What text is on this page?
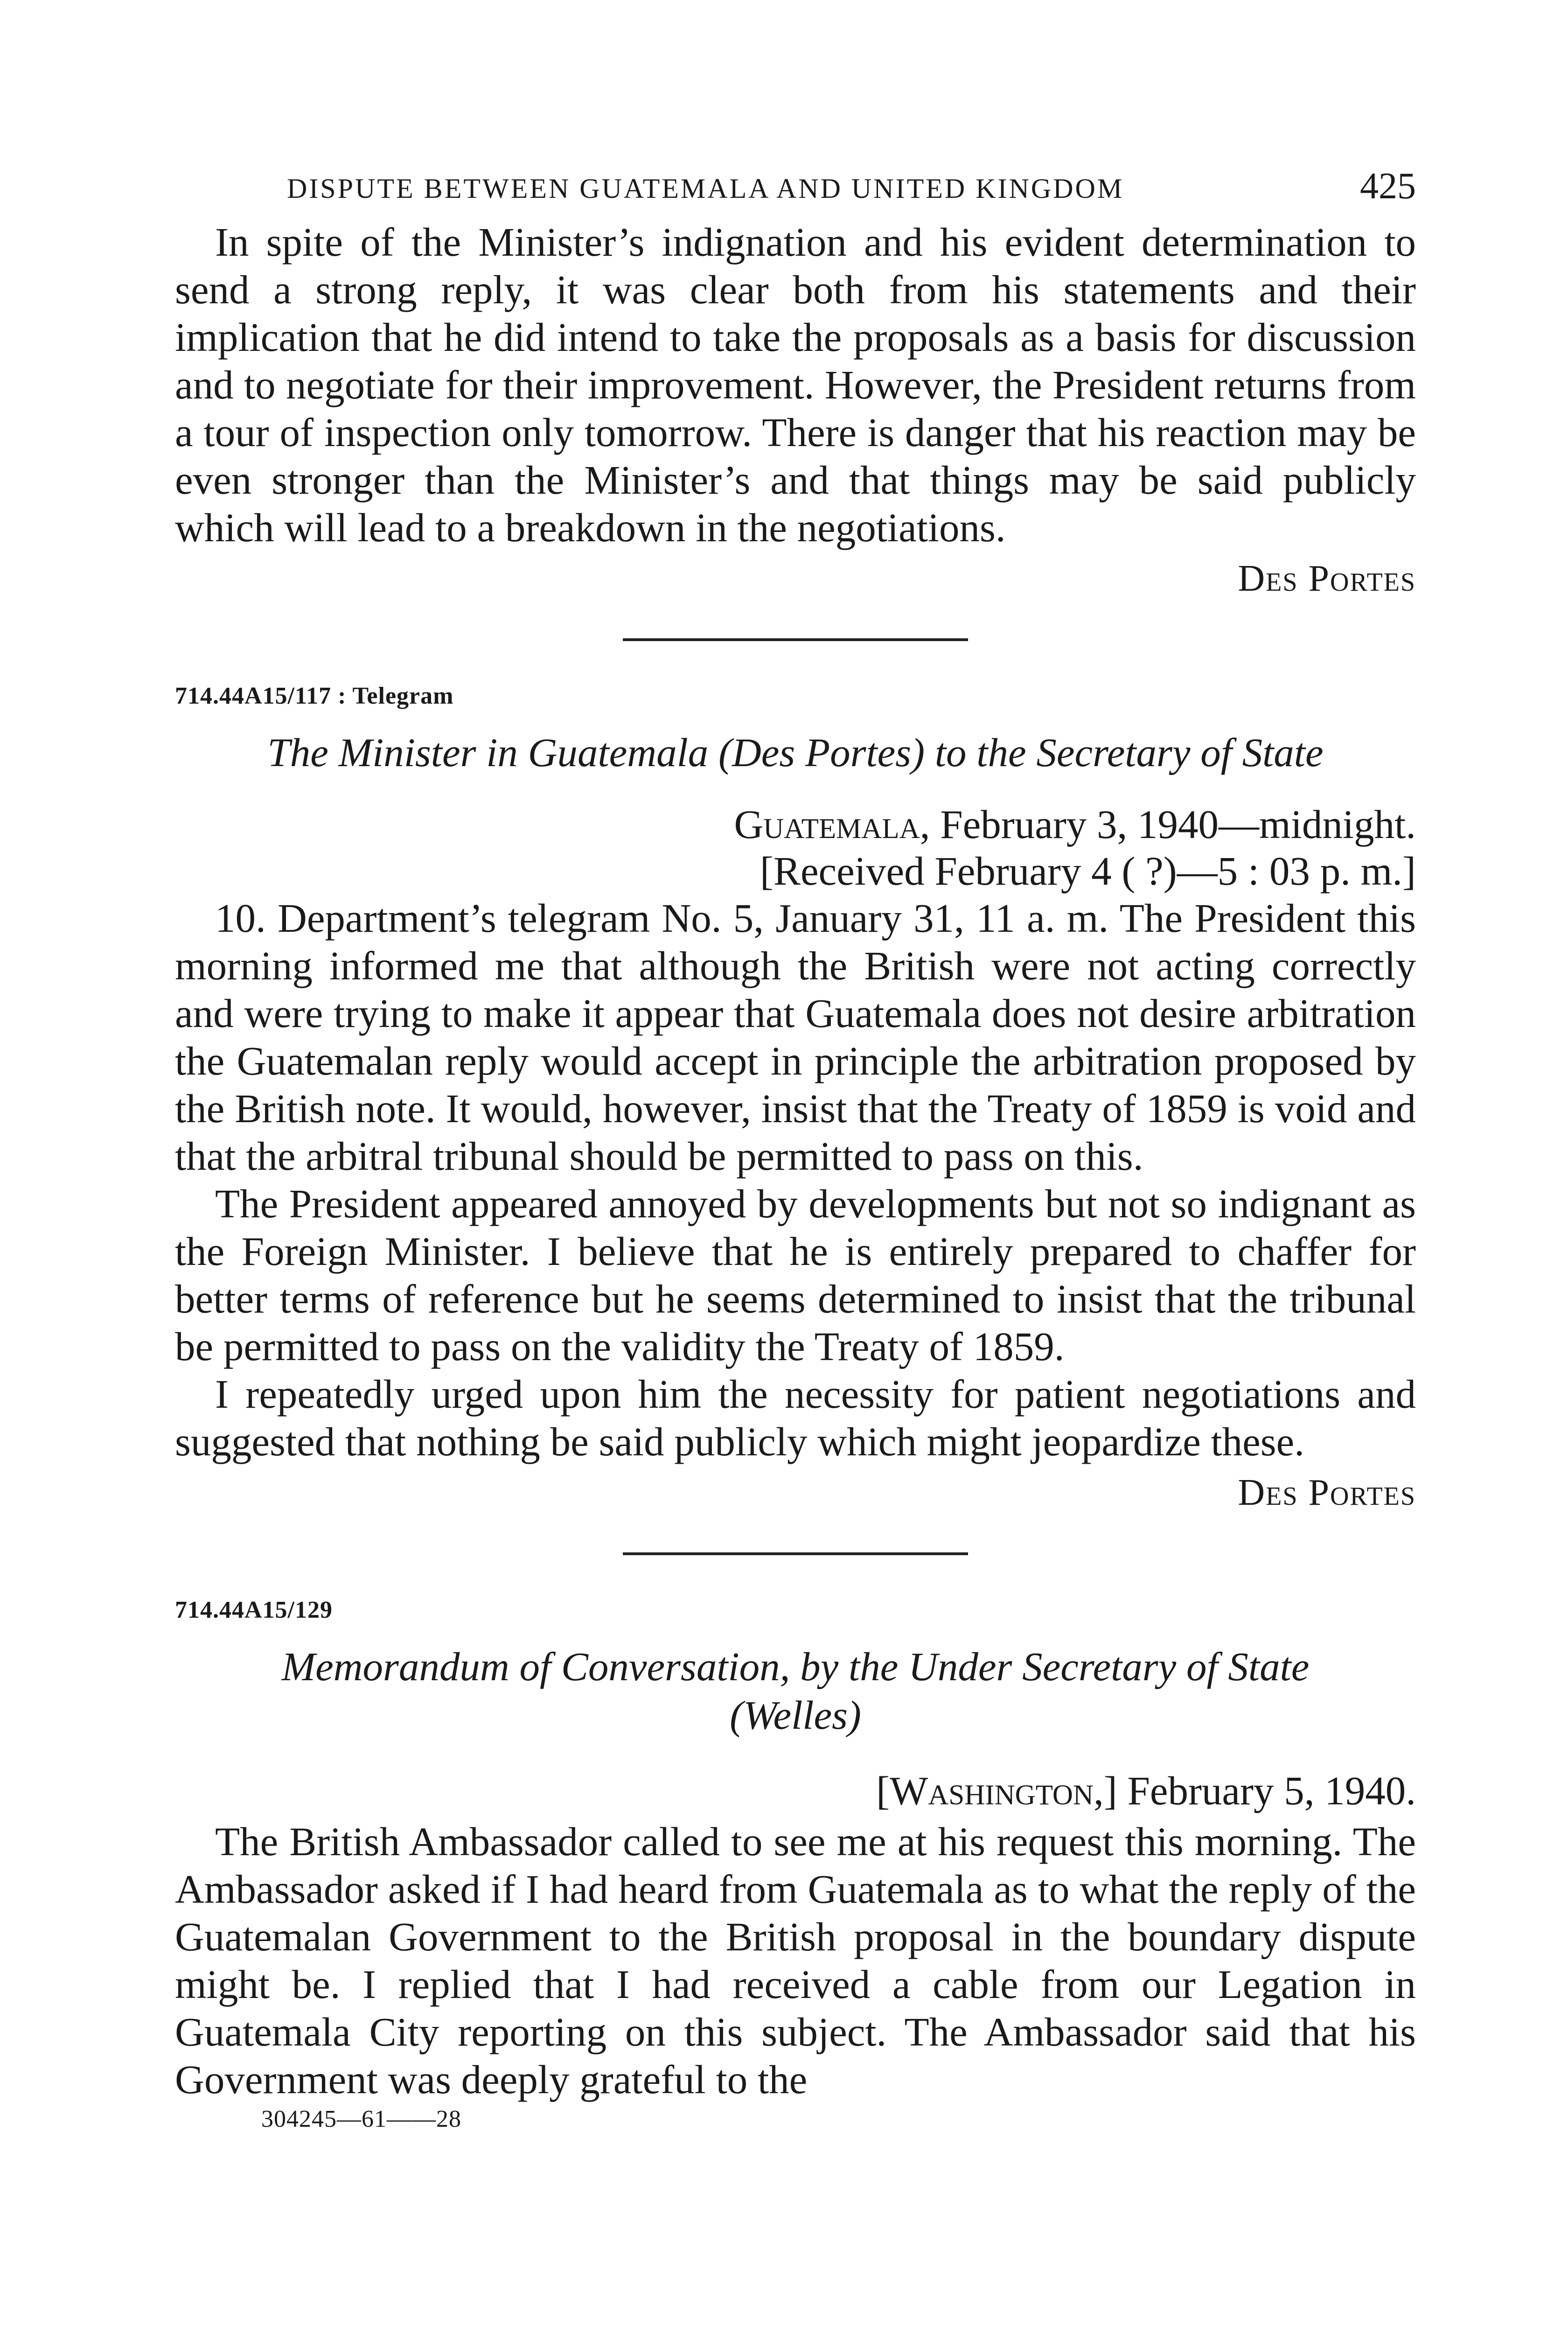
DISPUTE BETWEEN GUATEMALA AND UNITED KINGDOM	425

In spite of the Minister’s indignation and his evident determination to send a strong reply, it was clear both from his statements and their implication that he did intend to take the proposals as a basis for discussion and to negotiate for their improvement. However, the President returns from a tour of inspection only tomorrow. There is danger that his reaction may be even stronger than the Minister’s and that things may be said publicly which will lead to a breakdown in the negotiations.

Des Portes
714.44A15/117 : Telegram
The Minister in Guatemala (Des Portes) to the Secretary of State
Guatemala, February 3, 1940—midnight.
[Received February 4 ( ?)—5 : 03 p. m.]

10. Department’s telegram No. 5, January 31, 11 a. m. The President this morning informed me that although the British were not acting correctly and were trying to make it appear that Guatemala does not desire arbitration the Guatemalan reply would accept in principle the arbitration proposed by the British note. It would, however, insist that the Treaty of 1859 is void and that the arbitral tribunal should be permitted to pass on this.

The President appeared annoyed by developments but not so indignant as the Foreign Minister. I believe that he is entirely prepared to chaffer for better terms of reference but he seems determined to insist that the tribunal be permitted to pass on the validity the Treaty of 1859.

I repeatedly urged upon him the necessity for patient negotiations and suggested that nothing be said publicly which might jeopardize these.

Des Portes
714.44A15/129
Memorandum of Conversation, by the Under Secretary of State
(Welles)
[Washington,] February 5, 1940.

The British Ambassador called to see me at his request this morning. The Ambassador asked if I had heard from Guatemala as to what the reply of the Guatemalan Government to the British proposal in the boundary dispute might be. I replied that I had received a cable from our Legation in Guatemala City reporting on this subject. The Ambassador said that his Government was deeply grateful to the

304245—61——28
